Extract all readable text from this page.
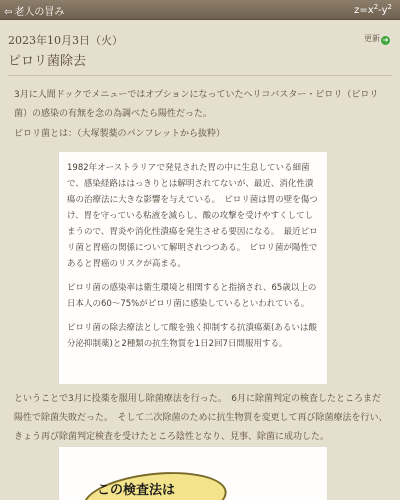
⇦ 老人の冒み	$z=x^2-y^2$
2023年10月3日（火）	更新 ➜
ピロリ菌除去
3月に人間ドックでメニューではオプションになっていたヘリコバスター・ピロリ（ピロリ菌）の感染の有無を念の為調べたら陽性だった。
ピロリ菌とは：（大塚製薬のパンフレットから抜粋）

1982年オーストラリアで発見された胃の中に生息している細菌で、感染経路ははっきりとは解明されてないが、最近、消化性潰瘍の治療法に大きな影響を与えている。　ピロリ菌は胃の壁を傷つけ、胃を守っている粘液を減らし、酸の攻撃を受けやすくしてしまうので、胃炎や消化性潰瘍を発生させる要因になる。　最近ピロリ菌と胃癌の関係について解明されつつある。　ピロリ菌が陽性であると胃癌のリスクが高まる。

ピロリ菌の感染率は衛生環境と相関すると指摘され、65歳以上の日本人の60～75%がピロリ菌に感染しているといわれている。

ピロリ菌の除去療法として酸を強く抑制する抗潰瘍薬(あるいは酸分泌抑制薬)と2種類の抗生物質を1日2回7日間服用する。

ということで3月に投薬を服用し除菌療法を行った。　6月に除菌判定の検査したところまだ陽性で除菌失敗だった。　そして二次除菌のために抗生物質を変更して再び除菌療法を行い、きょう再び除菌判定検査を受けたところ陰性となり、見事、除菌に成功した。
この検査法は
